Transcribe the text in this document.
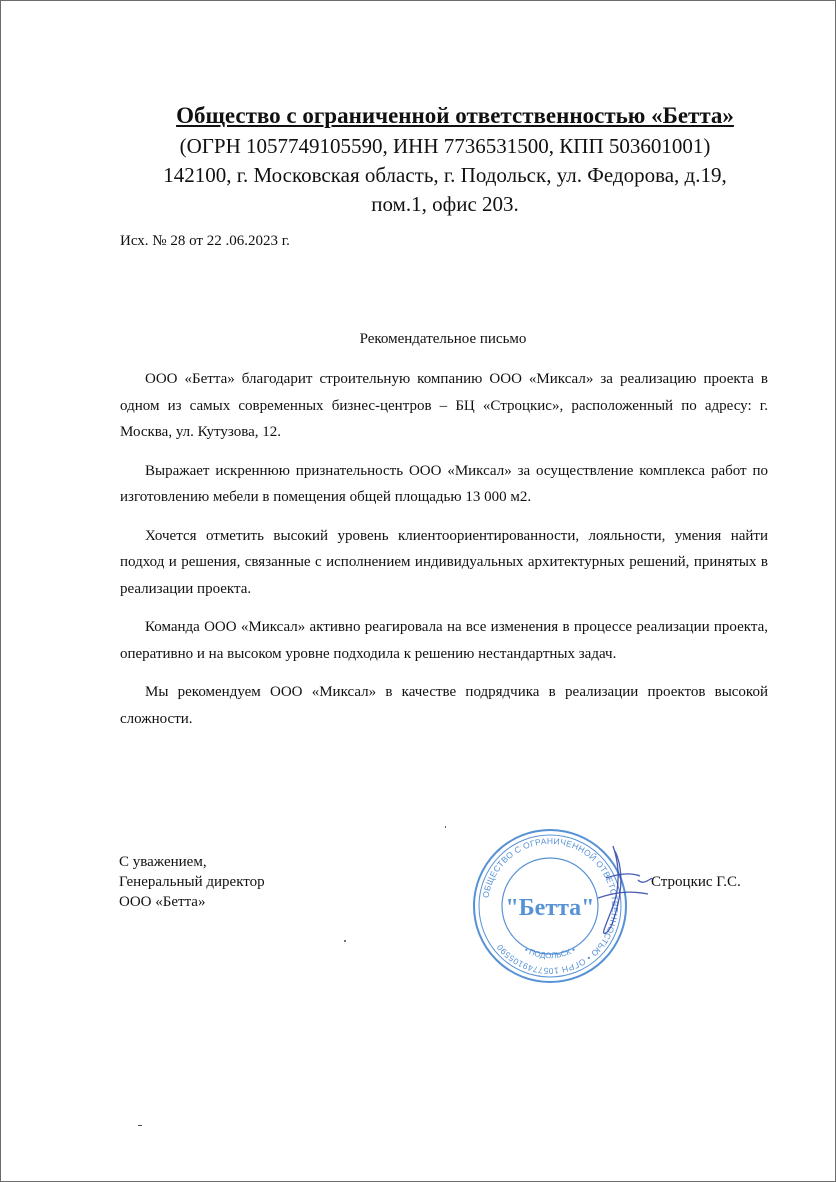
Общество с ограниченной ответственностью «Бетта»
(ОГРН 1057749105590, ИНН 7736531500, КПП 503601001)
142100, г. Московская область, г. Подольск, ул. Федорова, д.19,
пом.1, офис 203.
Исх. № 28 от 22 .06.2023 г.
Рекомендательное письмо

ООО «Бетта» благодарит строительную компанию ООО «Миксал» за реализацию проекта в одном из самых современных бизнес-центров – БЦ «Строцкис», расположенный по адресу: г. Москва, ул. Кутузова, 12.

Выражает искреннюю признательность ООО «Миксал» за осуществление комплекса работ по изготовлению мебели в помещения общей площадью 13 000 м2.

Хочется отметить высокий уровень клиентоориентированности, лояльности, умения найти подход и решения, связанные с исполнением индивидуальных архитектурных решений, принятых в реализации проекта.

Команда ООО «Миксал» активно реагировала на все изменения в процессе реализации проекта, оперативно и на высоком уровне подходила к решению нестандартных задач.

Мы рекомендуем ООО «Миксал» в качестве подрядчика в реализации проектов высокой сложности.

С уважением,
Генеральный директор
ООО «Бетта»	ОБЩЕСТВО С ОГРАНИЧЕННОЙ ОТВЕТСТВЕННОСТЬЮ • ОГРН 1057749105590	• ПОДОЛЬСК •
"Бетта"
Строцкис Г.С.
